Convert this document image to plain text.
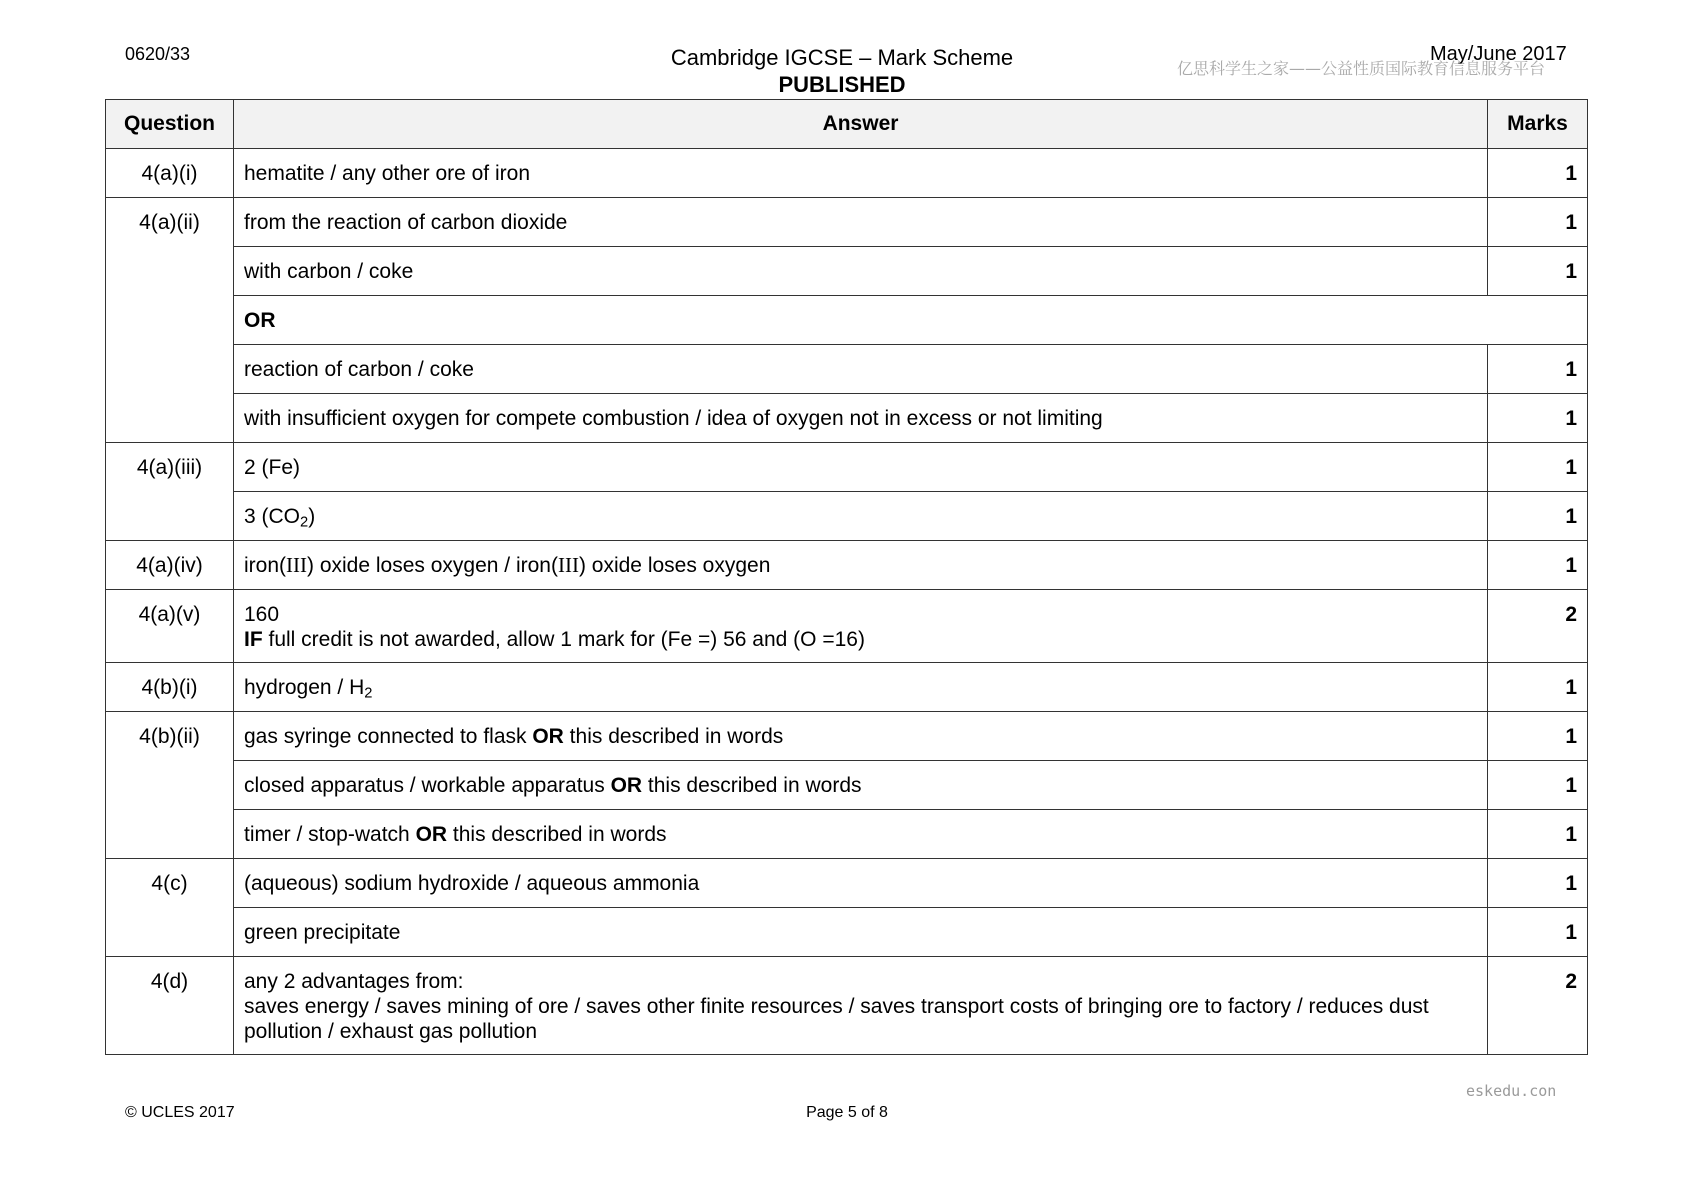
0620/33	Cambridge IGCSE – Mark Scheme
PUBLISHED
May/June 2017
亿思科学生之家——公益性质国际教育信息服务平台
Question	Answer	Marks
4(a)(i)	hematite / any other ore of iron	1
4(a)(ii)	from the reaction of carbon dioxide	1
	with carbon / coke	1
	OR	
	reaction of carbon / coke	1
	with insufficient oxygen for compete combustion / idea of oxygen not in excess or not limiting	1
4(a)(iii)	2 (Fe)	1
	3 $(CO_2)$	1
4(a)(iv)	iron(III) oxide loses oxygen / iron(III) oxide loses oxygen	1
4(a)(v)	160
IF full credit is not awarded, allow 1 mark for (Fe =) 56 and (O =16)	2
4(b)(i)	hydrogen / $H_2$	1
4(b)(ii)	gas syringe connected to flask OR this described in words	1
	closed apparatus / workable apparatus OR this described in words	1
	timer / stop-watch OR this described in words	1
4(c)	(aqueous) sodium hydroxide / aqueous ammonia	1
	green precipitate	1
4(d)	any 2 advantages from:
saves energy / saves mining of ore / saves other finite resources / saves transport costs of bringing ore to factory / reduces dust pollution / exhaust gas pollution	2
eskedu.con
© UCLES 2017	Page 5 of 8
